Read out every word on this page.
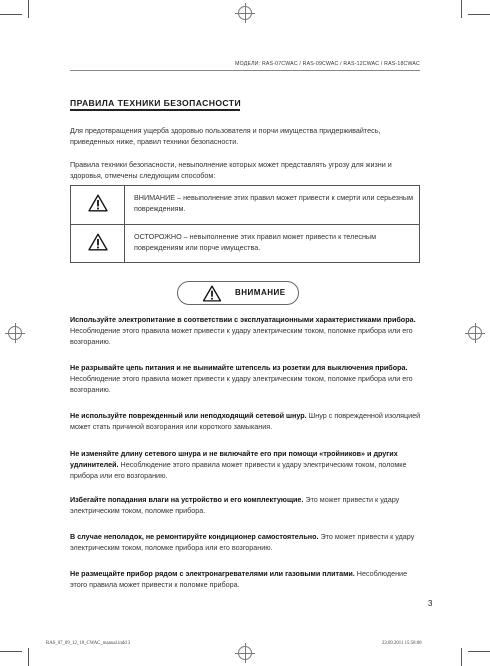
МОДЕЛИ: RAS-07CWAC / RAS-09CWAC / RAS-12CWAC / RAS-18CWAC
ПРАВИЛА ТЕХНИКИ БЕЗОПАСНОСТИ

Для предотвращения ущерба здоровью пользователя и порчи имущества придерживайтесь, приведенных ниже, правил техники безопасности.

Правила техники безопасности, невыполнение которых может представлять угрозу для жизни и здоровья, отмечены следующим способом:

ВНИМАНИЕ – невыполнение этих правил может привести к смерти или серьезным повреждениям.
ОСТОРОЖНО – невыполнение этих правил может привести к телесным повреждениям или порче имущества.
ВНИМАНИЕ

Используйте электропитание в соответствии с эксплуатационными характеристиками прибора. Несоблюдение этого правила может привести к удару электрическим током, поломке прибора или его возгоранию.

Не разрывайте цепь питания и не вынимайте штепсель из розетки для выключения прибора. Несоблюдение этого правила может привести к удару электрическим током, поломке прибора или его возгоранию.

Не используйте поврежденный или неподходящий сетевой шнур. Шнур с поврежденной изоляцией может стать причиной возгорания или короткого замыкания.

Не изменяйте длину сетевого шнура и не включайте его при помощи «тройников» и других удлинителей. Несоблюдение этого правила может привести к удару электрическим током, поломке прибора или его возгоранию.

Избегайте попадания влаги на устройство и его комплектующие. Это может привести к удару электрическим током, поломке прибора.

В случае неполадок, не ремонтируйте кондиционер самостоятельно. Это может привести к удару электрическим током, поломке прибора или его возгоранию.

Не размещайте прибор рядом с электронагревателями или газовыми плитами. Несоблюдение этого правила может привести к поломке прибора.

3
RAS_07_09_12_18_CWAC_manual.indd 3	23.09.2011 15:58:08
